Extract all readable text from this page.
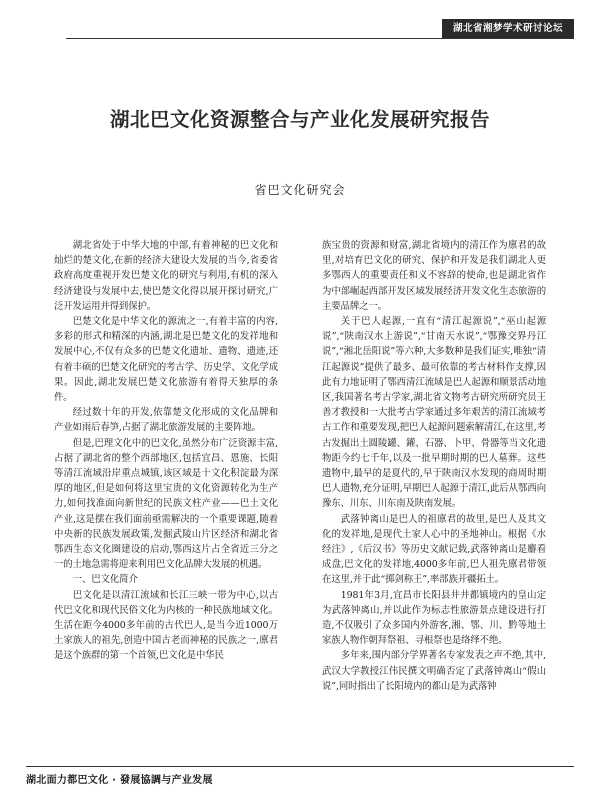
湖北省湘梦学术研讨论坛
湖北巴文化资源整合与产业化发展研究报告
省巴文化研究会

湖北省处于中华大地的中部,有着神秘的巴文化和灿烂的楚文化,在新的经济大建设大发展的当今,省委省政府高度重视开发巴楚文化的研究与利用,有机的深入经济建设与发展中去,使巴楚文化得以展开探讨研究,广泛开发运用并得到保护。

巴楚文化是中华文化的源流之一,有着丰富的内容,多彩的形式和精深的内涵,湖北是巴楚文化的发祥地和发展中心,不仅有众多的巴楚文化遗址、遗物、遗迹,还有着丰硕的巴楚文化研究的考古学、历史学、文化学成果。因此,湖北发展巴楚文化旅游有着得天独厚的条件。

经过数十年的开发,依靠楚文化形成的文化品牌和产业如雨后春笋,占据了湖北旅游发展的主要阵地。

但是,巴理文化中的巴文化,虽然分布广泛资源丰富,占据了湖北省的整个西部地区,包括宜昌、恩施、长阳等清江流域沿岸重点城镇,该区域是十文化积淀最为深厚的地区,但是如何将这里宝贵的文化资源转化为生产力,如何找准面向新世纪的民族文柱产业——巴土文化产业,这是摆在我们面前亟需解决的一个重要课题,随着中央新的民族发展政策,发掘武陵山片区经济和湖北省鄂西生态文化圈建设的启动,鄂西这片占全省近三分之一的土地急需将迎来利用巴文化品牌大发展的机遇。

一、巴文化简介

巴文化是以清江流域和长江三峡一带为中心,以古代巴文化和现代民俗文化为内核的一种民族地域文化。生活在距今4000多年前的古代巴人,是当今近1000万土家族人的祖先,创造中国古老而神秘的民族之一,廪君是这个族群的第一个首领,巴文化是中华民

族宝贵的资源和财富,湖北省境内的清江作为廪君的故里,对培育巴文化的研究、保护和开发是我们湖北人更多鄂西人的重要责任和义不容辞的使命,也是湖北省作为中部崛起西部开发区域发展经济开发文化生态旅游的主要品牌之一。

关于巴人起源,一直有“清江起源说”,“巫山起源说”,“陕南汉水上游说”,“甘南天水说”,“鄂豫交界丹江说”,“湘北岳阳说”等六种,大多数种是我们证实,唯独“清江起源说”提供了最多、最可依靠的考古材料作支撑,因此有力地证明了鄂西清江流域是巴人起源和顺景活动地区,我国著名考古学家,湖北省文物考古研究所研究员王善才教授和一大批考古学家通过多年艰苦的清江流域考古工作和重要发现,把巴人起源问题索解清江,在这里,考古发掘出土圆陵罐、鑵、石器、卜甲、骨器等当文化遗物距今约七千年,以及一批早期时期的巴人墓葬。这些遗物中,最早的是夏代的,早于陕南汉水发现的商周时期巴人遗物,充分证明,早期巴人起源于清江,此后从鄂西向豫东、川东、川东南及陕南发展。

武落钟离山是巴人的祖廪君的故里,是巴人及其文化的发祥地,是现代土家人心中的圣地神山。根据《水经注》,《后汉书》等历史文献记载,武落钟离山是麝看成盘,巴文化的发祥地,4000多年前,巴人祖先廪君带领在这里,并于此“掷剑称王”,率部族开疆拓土。

1981年3月,宜昌市长阳县井井都镇境内的皇山定为武落钟离山,并以此作为标志性旅游景点建设进行打造,不仅吸引了众多国内外游客,湘、鄂、川、黔等地土家族人物作朝拜祭祖、寻根祭也是络绎不绝。

多年来,围内部分学界著名专家发表之声不绝,其中,武汉大学教授江伟民撰文明确否定了武落钟离山“假山说”,同时指出了长阳境内的都山是为武落钟

湖北面力都巴文化 · 發展協調与产业发展
